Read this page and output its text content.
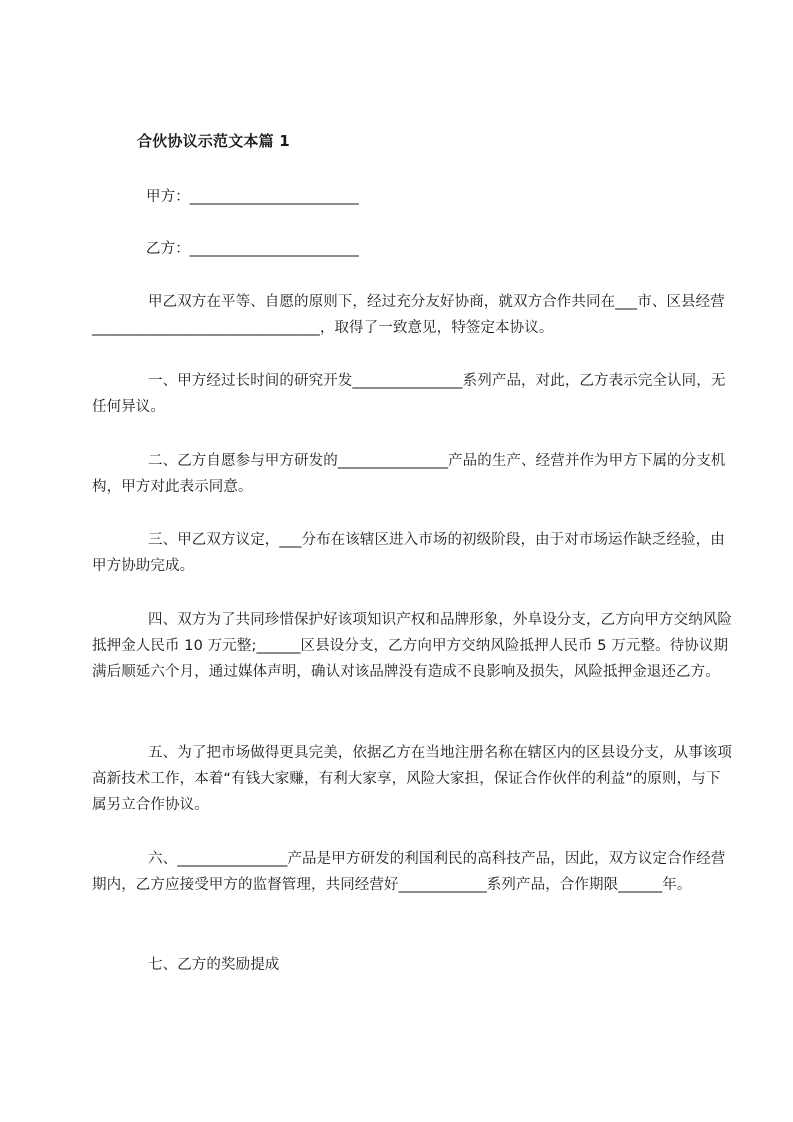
合伙协议示范文本篇 1
甲方：_______________________
乙方：_______________________

甲乙双方在平等、自愿的原则下，经过充分友好协商，就双方合作共同在___市、区县经营_______________________________，取得了一致意见，特签定本协议。

一、甲方经过长时间的研究开发_______________系列产品，对此，乙方表示完全认同，无任何异议。

二、乙方自愿参与甲方研发的_______________产品的生产、经营并作为甲方下属的分支机构，甲方对此表示同意。

三、甲乙双方议定，___分布在该辖区进入市场的初级阶段，由于对市场运作缺乏经验，由甲方协助完成。

四、双方为了共同珍惜保护好该项知识产权和品牌形象，外阜设分支，乙方向甲方交纳风险抵押金人民币 10 万元整;______区县设分支，乙方向甲方交纳风险抵押人民币 5 万元整。待协议期满后顺延六个月，通过媒体声明，确认对该品牌没有造成不良影响及损失，风险抵押金退还乙方。

五、为了把市场做得更具完美，依据乙方在当地注册名称在辖区内的区县设分支，从事该项高新技术工作，本着“有钱大家赚，有利大家享，风险大家担，保证合作伙伴的利益”的原则，与下属另立合作协议。

六、_______________产品是甲方研发的利国利民的高科技产品，因此，双方议定合作经营期内，乙方应接受甲方的监督管理，共同经营好____________系列产品，合作期限______年。

七、乙方的奖励提成
